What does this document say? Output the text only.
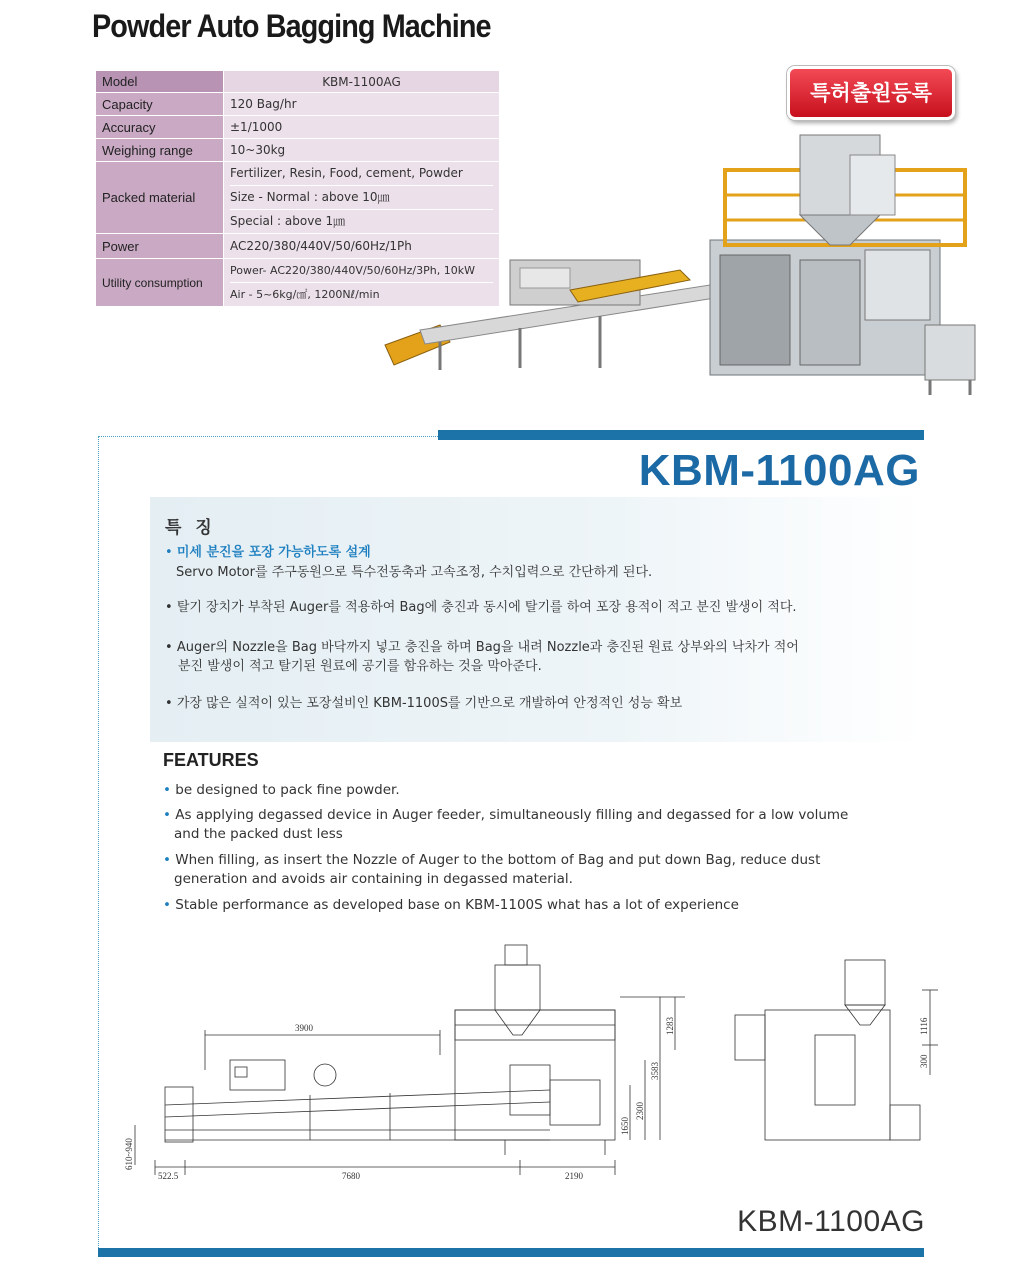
Powder Auto Bagging Machine
Model	KBM-1100AG
Capacity	120 Bag/hr
Accuracy	±1/1000
Weighing range	10~30kg
Packed material	Fertilizer, Resin, Food, cement, Powder
Size - Normal : above 10㎛
Special : above 1㎛

Power	AC220/380/440V/50/60Hz/1Ph
Utility consumption	Power- AC220/380/440V/50/60Hz/3Ph, 10kW
Air - 5~6kg/㎠, 1200Nℓ/min
특허출원등록
KBM-1100AG
특 징
• 미세 분진을 포장 가능하도록 설계
Servo Motor를 주구동원으로 특수전동축과 고속조정, 수치입력으로 간단하게 된다.
• 탈기 장치가 부착된 Auger를 적용하여 Bag에 충진과 동시에 탈기를 하여 포장 용적이 적고 분진 발생이 적다.
• Auger의 Nozzle을 Bag 바닥까지 넣고 충진을 하며 Bag을 내려 Nozzle과 충진된 원료 상부와의 낙차가 적어
분진 발생이 적고 탈기된 원료에 공기를 함유하는 것을 막아준다.
• 가장 많은 실적이 있는 포장설비인 KBM-1100S를 기반으로 개발하여 안정적인 성능 확보
FEATURES
• be designed to pack fine powder.
• As applying degassed device in Auger feeder, simultaneously filling and degassed for a low volume
and the packed dust less
• When filling, as insert the Nozzle of Auger to the bottom of Bag and put down Bag, reduce dust
generation and avoids air containing in degassed material.
• Stable performance as developed base on KBM-1100S what has a lot of experience
3900
3583
1283
1650
2300
610~940
522.5	7680	2190
1116
300
KBM-1100AG
